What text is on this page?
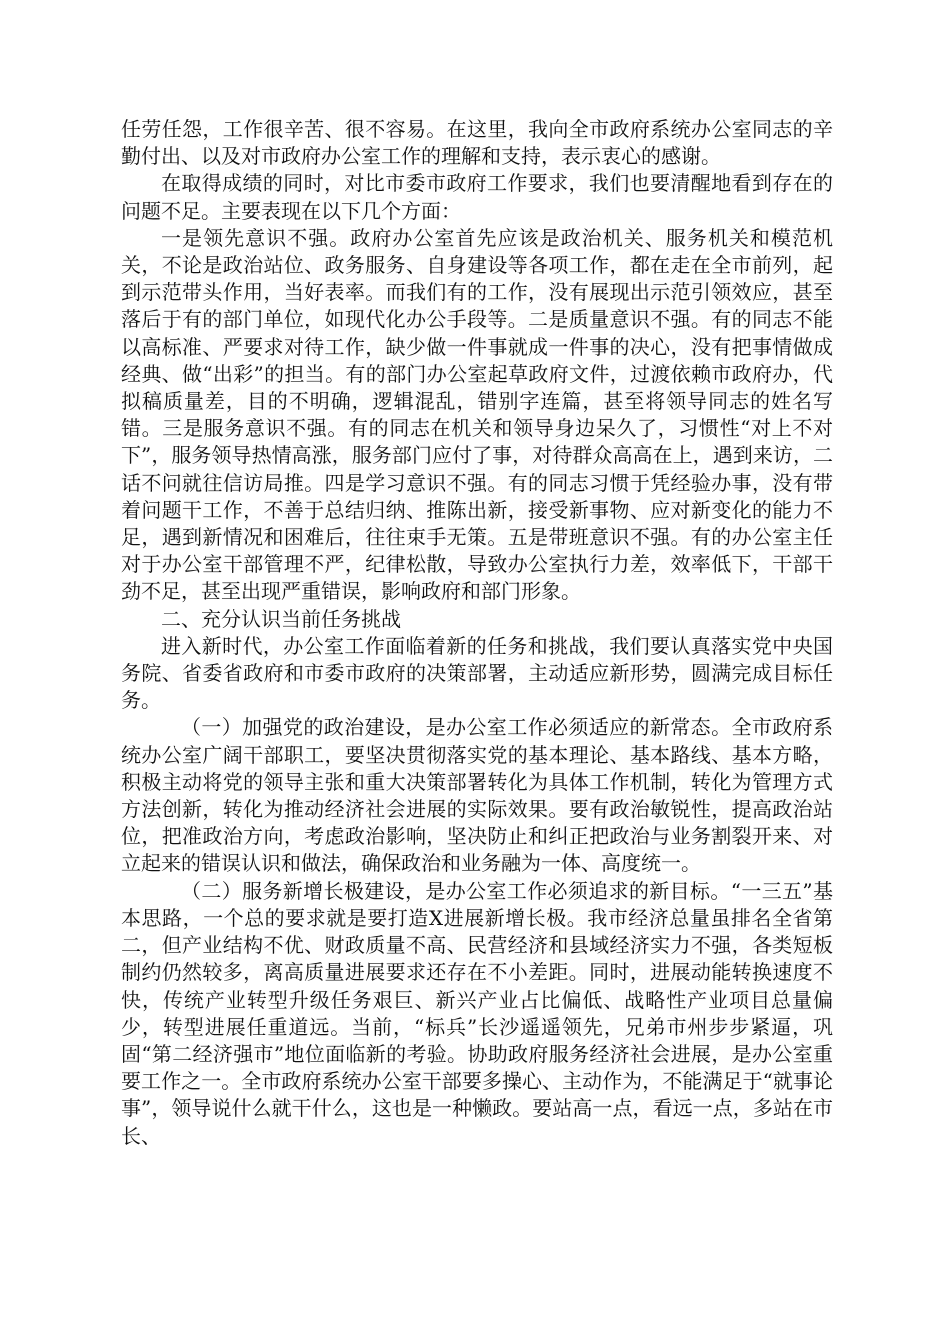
任劳任怨，工作很辛苦、很不容易。在这里，我向全市政府系统办公室同志的辛勤付出、以及对市政府办公室工作的理解和支持，表示衷心的感谢。

在取得成绩的同时，对比市委市政府工作要求，我们也要清醒地看到存在的问题不足。主要表现在以下几个方面：

一是领先意识不强。政府办公室首先应该是政治机关、服务机关和模范机关，不论是政治站位、政务服务、自身建设等各项工作，都在走在全市前列，起到示范带头作用，当好表率。而我们有的工作，没有展现出示范引领效应，甚至落后于有的部门单位，如现代化办公手段等。二是质量意识不强。有的同志不能以高标准、严要求对待工作，缺少做一件事就成一件事的决心，没有把事情做成经典、做“出彩”的担当。有的部门办公室起草政府文件，过渡依赖市政府办，代拟稿质量差，目的不明确，逻辑混乱，错别字连篇，甚至将领导同志的姓名写错。三是服务意识不强。有的同志在机关和领导身边呆久了，习惯性“对上不对下”，服务领导热情高涨，服务部门应付了事，对待群众高高在上，遇到来访，二话不问就往信访局推。四是学习意识不强。有的同志习惯于凭经验办事，没有带着问题干工作，不善于总结归纳、推陈出新，接受新事物、应对新变化的能力不足，遇到新情况和困难后，往往束手无策。五是带班意识不强。有的办公室主任对于办公室干部管理不严，纪律松散，导致办公室执行力差，效率低下，干部干劲不足，甚至出现严重错误，影响政府和部门形象。

二、充分认识当前任务挑战

进入新时代，办公室工作面临着新的任务和挑战，我们要认真落实党中央国务院、省委省政府和市委市政府的决策部署，主动适应新形势，圆满完成目标任务。

（一）加强党的政治建设，是办公室工作必须适应的新常态。全市政府系统办公室广阔干部职工，要坚决贯彻落实党的基本理论、基本路线、基本方略，积极主动将党的领导主张和重大决策部署转化为具体工作机制，转化为管理方式方法创新，转化为推动经济社会进展的实际效果。要有政治敏锐性，提高政治站位，把准政治方向，考虑政治影响，坚决防止和纠正把政治与业务割裂开来、对立起来的错误认识和做法，确保政治和业务融为一体、高度统一。

（二）服务新增长极建设，是办公室工作必须追求的新目标。“一三五”基本思路，一个总的要求就是要打造X进展新增长极。我市经济总量虽排名全省第二，但产业结构不优、财政质量不高、民营经济和县域经济实力不强，各类短板制约仍然较多，离高质量进展要求还存在不小差距。同时，进展动能转换速度不快，传统产业转型升级任务艰巨、新兴产业占比偏低、战略性产业项目总量偏少，转型进展任重道远。当前，“标兵”长沙遥遥领先，兄弟市州步步紧逼，巩固“第二经济强市”地位面临新的考验。协助政府服务经济社会进展，是办公室重要工作之一。全市政府系统办公室干部要多操心、主动作为，不能满足于“就事论事”，领导说什么就干什么，这也是一种懒政。要站高一点，看远一点，多站在市长、
